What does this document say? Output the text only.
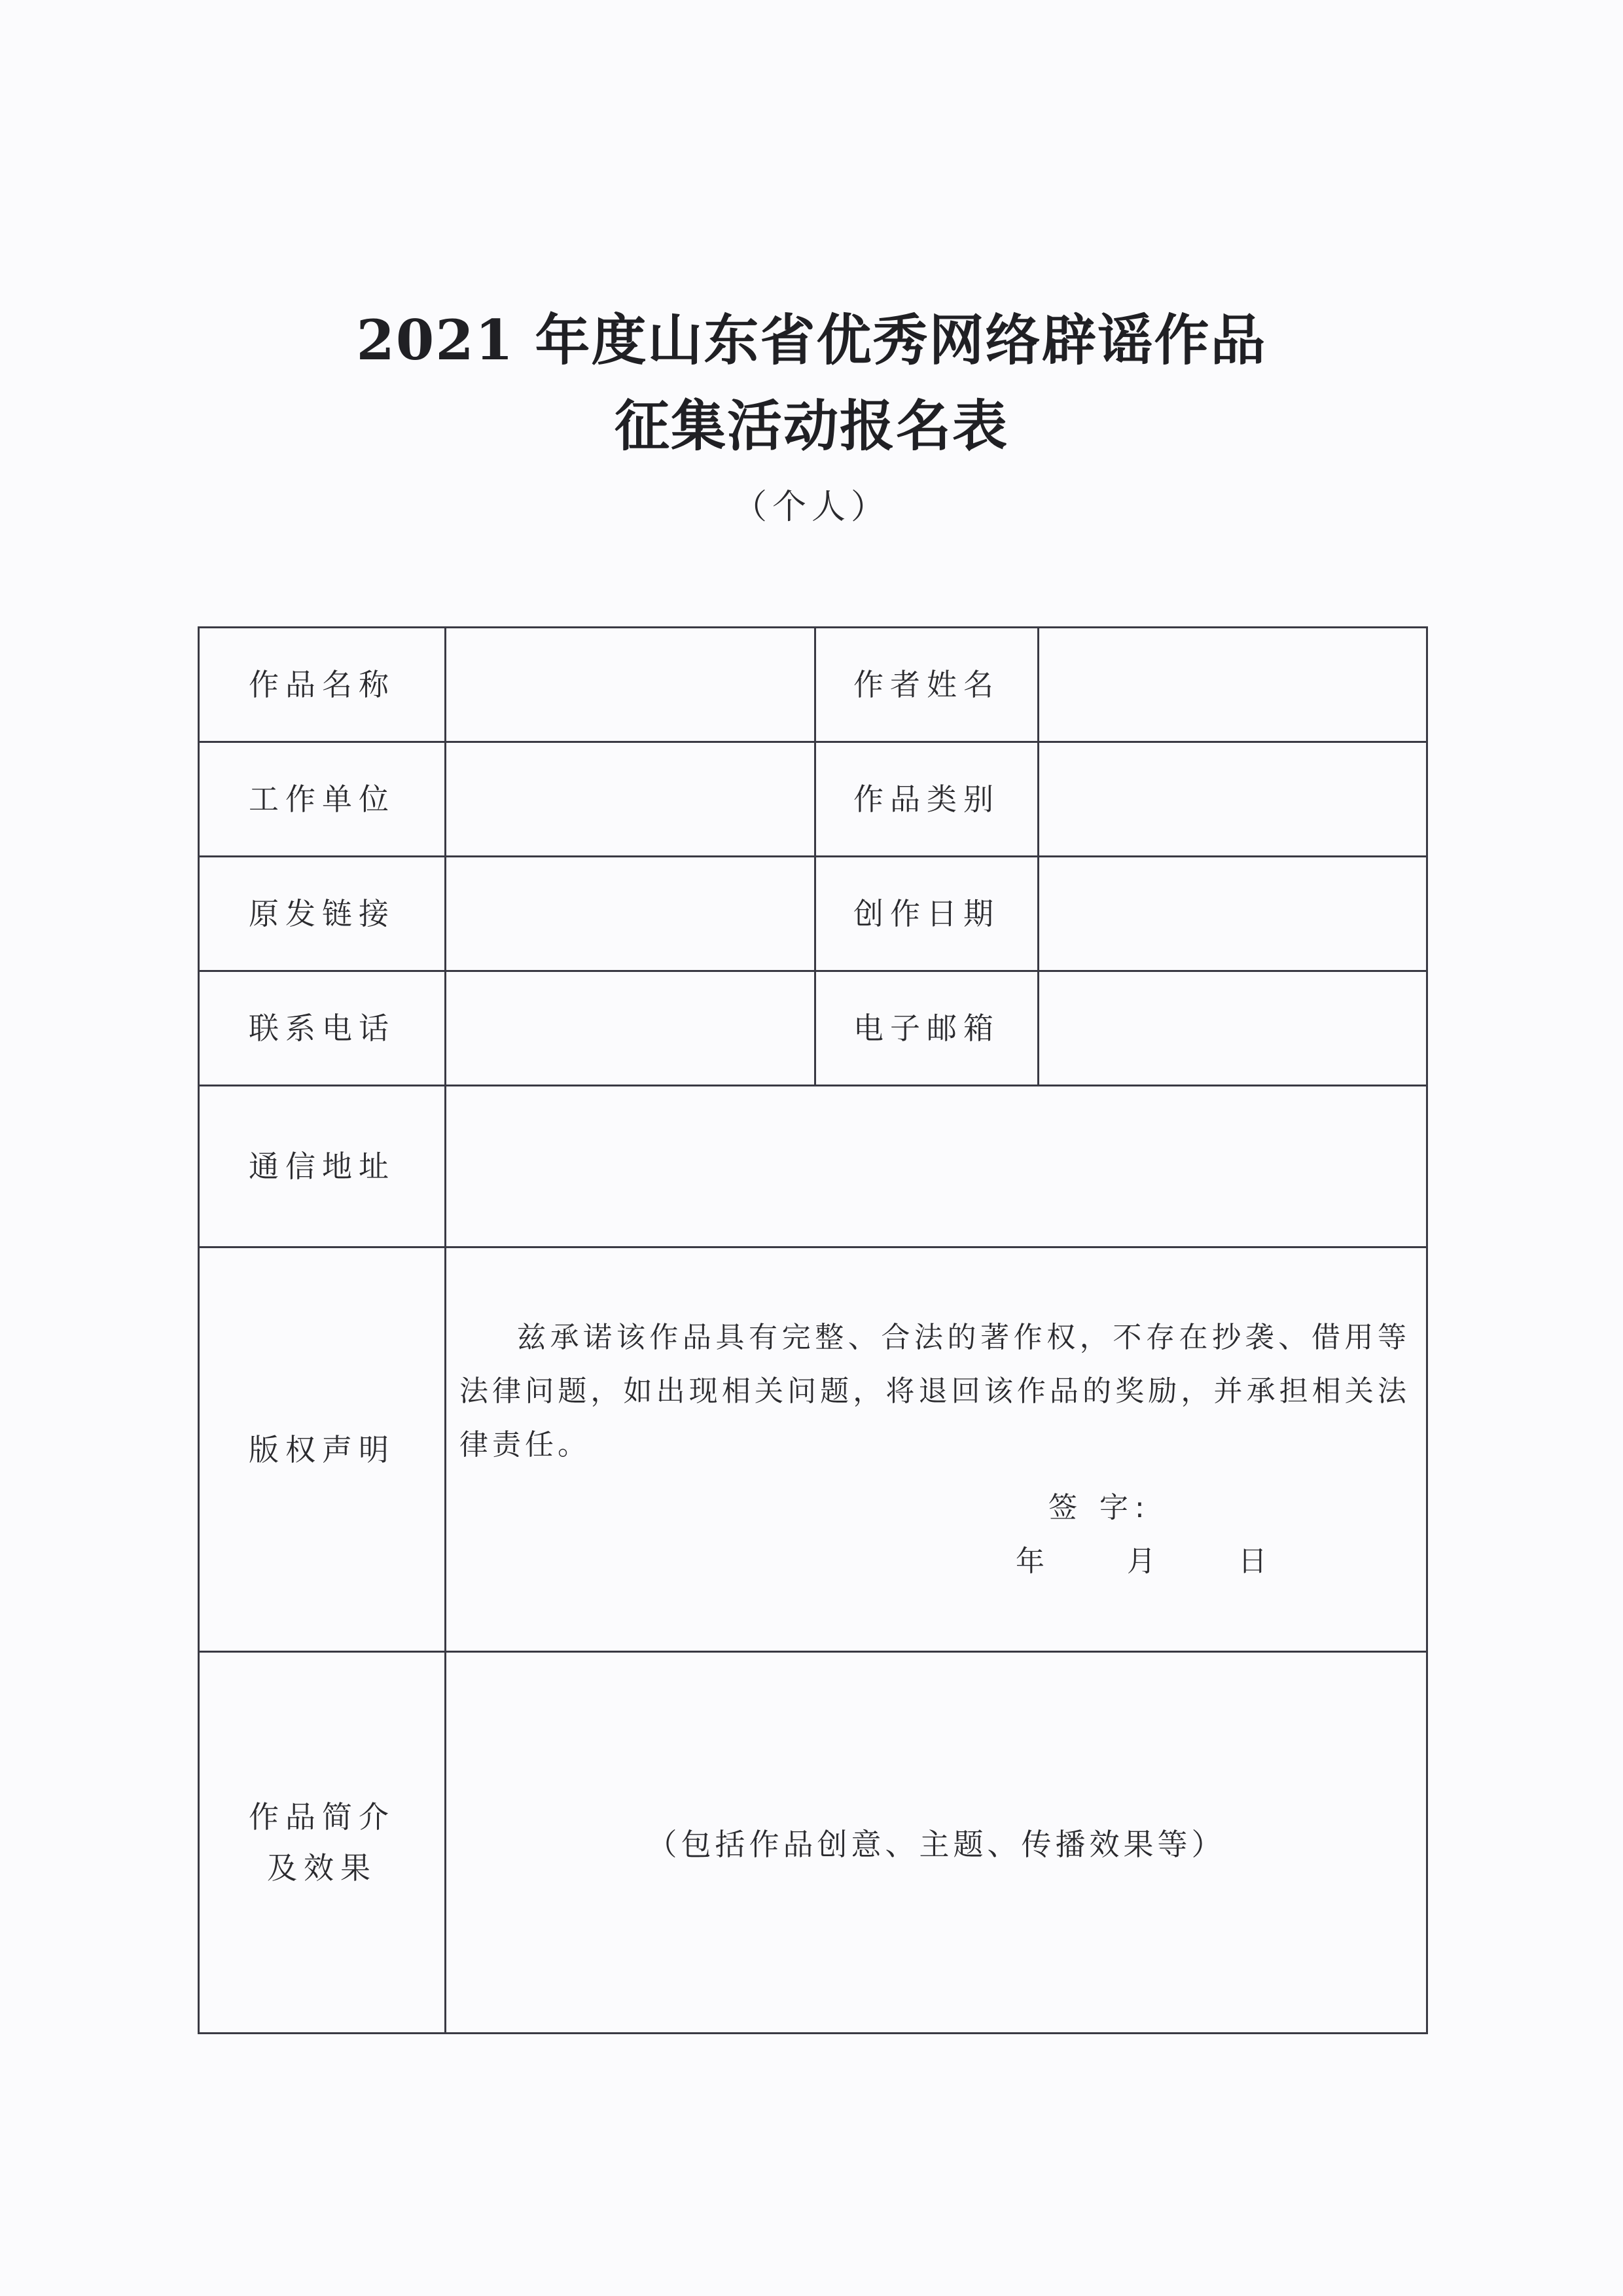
2021 年度山东省优秀网络辟谣作品
征集活动报名表
（个人）
作品名称		作者姓名	
工作单位		作品类别	
原发链接		创作日期	
联系电话		电子邮箱	
通信地址			
版权声明	兹承诺该作品具有完整、合法的著作权，不存在抄袭、借用等法律问题，如出现相关问题，将退回该作品的奖励，并承担相关法律责任。

签 字:

年 月 日		

作品简介
及效果	（包括作品创意、主题、传播效果等）		
